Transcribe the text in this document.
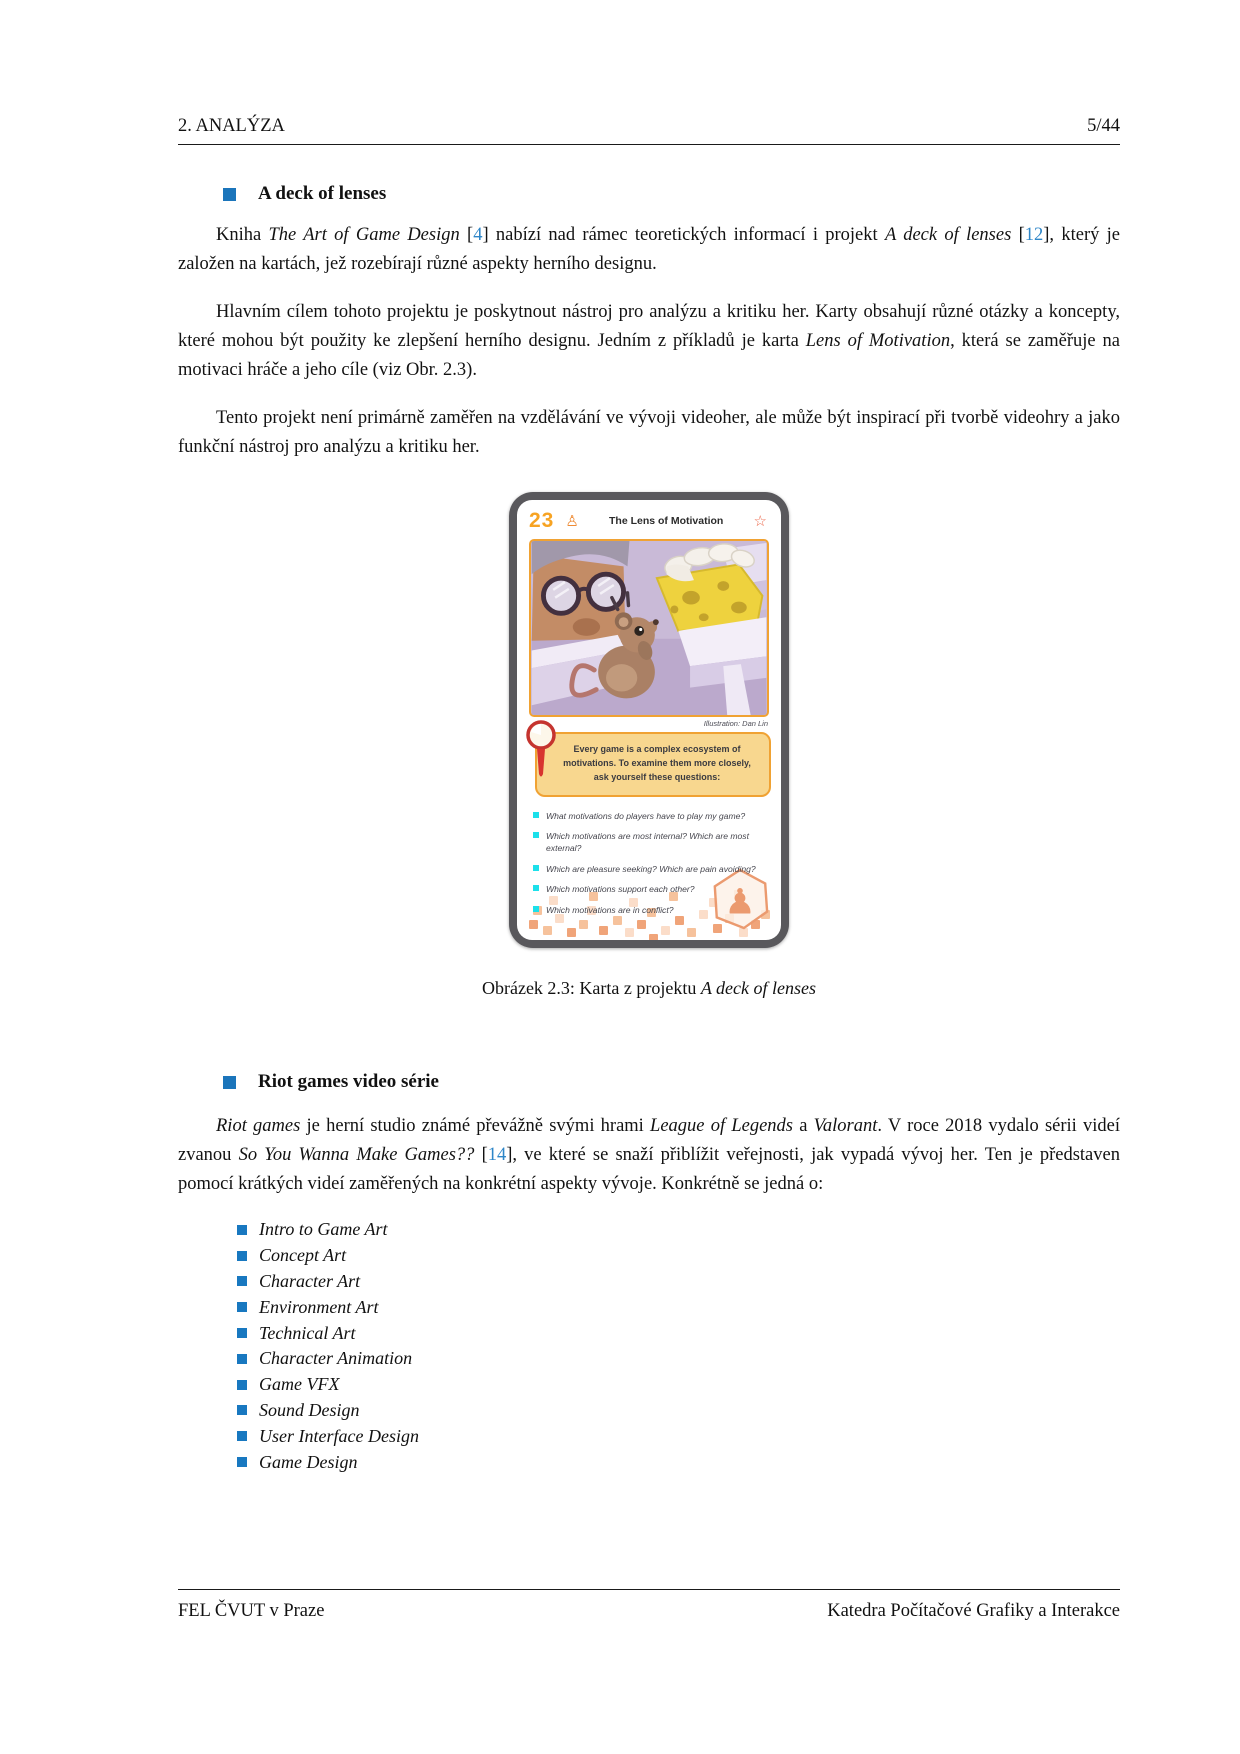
2. ANALÝZA	5/44
A deck of lenses

Kniha The Art of Game Design [4] nabízí nad rámec teoretických informací i projekt A deck of lenses [12], který je založen na kartách, jež rozebírají různé aspekty herního designu.

Hlavním cílem tohoto projektu je poskytnout nástroj pro analýzu a kritiku her. Karty obsahují různé otázky a koncepty, které mohou být použity ke zlepšení herního designu. Jedním z příkladů je karta Lens of Motivation, která se zaměřuje na motivaci hráče a jeho cíle (viz Obr. 2.3).

Tento projekt není primárně zaměřen na vzdělávání ve vývoji videoher, ale může být inspirací při tvorbě videohry a jako funkční nástroj pro analýzu a kritiku her.

23 ♙	The Lens of Motivation	☆
Illustration: Dan Lin

Every game is a complex ecosystem of motivations. To examine them more closely, ask yourself these questions:

What motivations do players have to play my game?
Which motivations are most internal? Which are most external?
Which are pleasure seeking? Which are pain avoiding?
Which motivations support each other?
Which motivations are in conflict? ♟
Obrázek 2.3: Karta z projektu A deck of lenses
Riot games video série

Riot games je herní studio známé převážně svými hrami League of Legends a Valorant. V roce 2018 vydalo sérii videí zvanou So You Wanna Make Games?? [14], ve které se snaží přiblížit veřejnosti, jak vypadá vývoj her. Ten je představen pomocí krátkých videí zaměřených na konkrétní aspekty vývoje. Konkrétně se jedná o:

Intro to Game Art
Concept Art
Character Art
Environment Art
Technical Art
Character Animation
Game VFX
Sound Design
User Interface Design
Game Design
FEL ČVUT v Praze	Katedra Počítačové Grafiky a Interakce
